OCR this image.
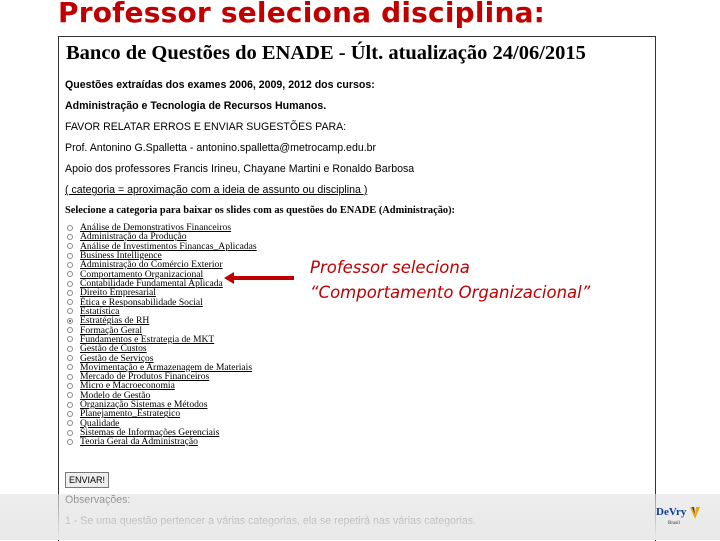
Professor seleciona disciplina:
Banco de Questões do ENADE - Últ. atualização 24/06/2015
Questões extraídas dos exames 2006, 2009, 2012 dos cursos:
Administração e Tecnologia de Recursos Humanos.
FAVOR RELATAR ERROS E ENVIAR SUGESTÕES PARA:
Prof. Antonino G.Spalletta - antonino.spalletta@metrocamp.edu.br
Apoio dos professores Francis Irineu, Chayane Martini e Ronaldo Barbosa
( categoria = aproximação com a ideia de assunto ou disciplina )
Selecione a categoria para baixar os slides com as questões do ENADE (Administração):
Análise de Demonstrativos Financeiros
Administração da Produção
Análise de Investimentos Financas_Aplicadas
Business Intelligence
Administração do Comércio Exterior
Comportamento Organizacional
Contabilidade Fundamental Aplicada
Direito Empresarial
Ética e Responsabilidade Social
Estatística
Estratégias de RH
Formação Geral
Fundamentos e Estrategia de MKT
Gestão de Custos
Gestão de Serviços
Movimentação e Armazenagem de Materiais
Mercado de Produtos Financeiros
Micro e Macroeconomia
Modelo de Gestão
Organização Sistemas e Métodos
Planejamento_Estrategico
Qualidade
Sistemas de Informações Gerenciais
Teoria Geral da Administração
ENVIAR!
Professor seleciona
“Comportamento Organizacional”
DeVry
Brasil
